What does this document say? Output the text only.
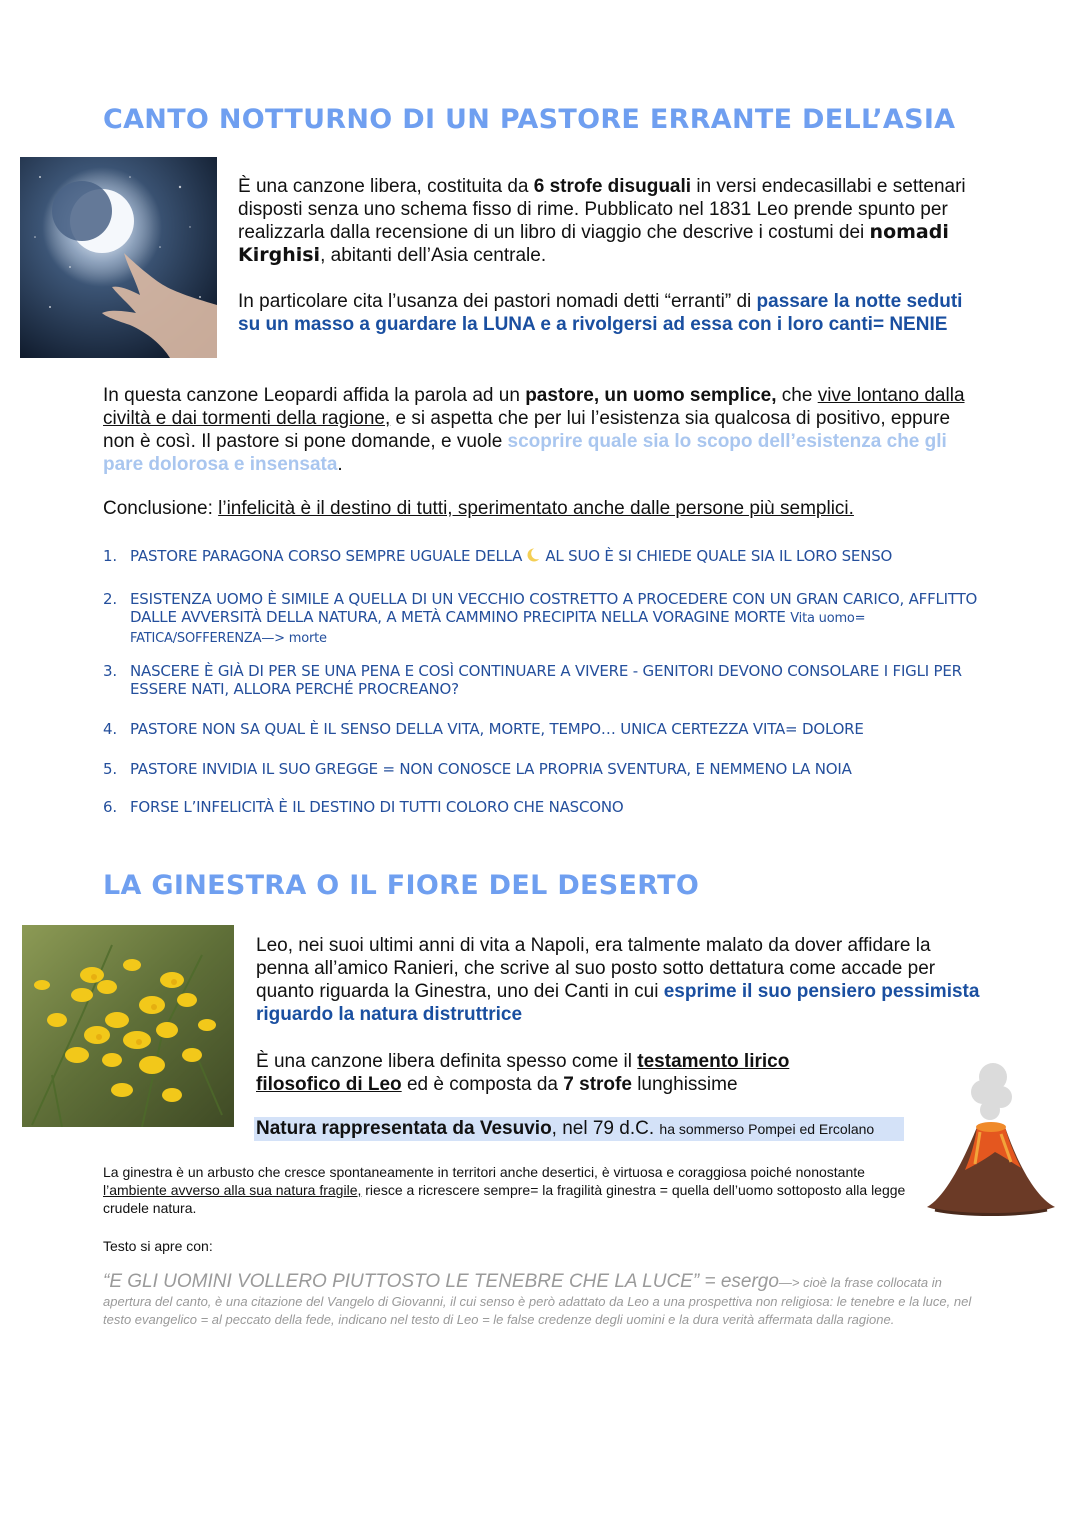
CANTO NOTTURNO DI UN PASTORE ERRANTE DELL’ASIA

È una canzone libera, costituita da 6 strofe disuguali in versi endecasillabi e settenari disposti senza uno schema fisso di rime. Pubblicato nel 1831 Leo prende spunto per realizzarla dalla recensione di un libro di viaggio che descrive i costumi dei nomadi Kirghisi, abitanti dell’Asia centrale.

In particolare cita l’usanza dei pastori nomadi detti “erranti” di passare la notte seduti su un masso a guardare la LUNA e a rivolgersi ad essa con i loro canti= NENIE

In questa canzone Leopardi affida la parola ad un pastore, un uomo semplice, che vive lontano dalla civiltà e dai tormenti della ragione, e si aspetta che per lui l’esistenza sia qualcosa di positivo, eppure non è così. Il pastore si pone domande, e vuole scoprire quale sia lo scopo dell’esistenza che gli pare dolorosa e insensata.

Conclusione: l’infelicità è il destino di tutti, sperimentato anche dalle persone più semplici.

1. PASTORE PARAGONA CORSO SEMPRE UGUALE DELLA  AL SUO È SI CHIEDE QUALE SIA IL LORO SENSO
2. ESISTENZA UOMO È SIMILE A QUELLA DI UN VECCHIO COSTRETTO A PROCEDERE CON UN GRAN CARICO, AFFLITTO DALLE AVVERSITÀ DELLA NATURA, A METÀ CAMMINO PRECIPITA NELLA VORAGINE MORTE Vita uomo= FATICA/SOFFERENZA—> morte
3. NASCERE È GIÀ DI PER SE UNA PENA E COSÌ CONTINUARE A VIVERE - GENITORI DEVONO CONSOLARE I FIGLI PER ESSERE NATI, ALLORA PERCHÉ PROCREANO?
4. PASTORE NON SA QUAL È IL SENSO DELLA VITA, MORTE, TEMPO… UNICA CERTEZZA VITA= DOLORE
5. PASTORE INVIDIA IL SUO GREGGE = NON CONOSCE LA PROPRIA SVENTURA, E NEMMENO LA NOIA
6. FORSE L’INFELICITÀ È IL DESTINO DI TUTTI COLORO CHE NASCONO
LA GINESTRA O IL FIORE DEL DESERTO

Leo, nei suoi ultimi anni di vita a Napoli, era talmente malato da dover affidare la penna all’amico Ranieri, che scrive al suo posto sotto dettatura come accade per quanto riguarda la Ginestra, uno dei Canti in cui esprime il suo pensiero pessimista riguardo la natura distruttrice

È una canzone libera definita spesso come il testamento lirico filosofico di Leo ed è composta da 7 strofe lunghissime

Natura rappresentata da Vesuvio, nel 79 d.C. ha sommerso Pompei ed Ercolano

La ginestra è un arbusto che cresce spontaneamente in territori anche desertici, è virtuosa e coraggiosa poiché nonostante l’ambiente avverso alla sua natura fragile, riesce a ricrescere sempre= la fragilità ginestra = quella dell’uomo sottoposto alla legge crudele natura.

Testo si apre con:

“E GLI UOMINI VOLLERO PIUTTOSTO LE TENEBRE CHE LA LUCE” = esergo—> cioè la frase collocata in apertura del canto, è una citazione del Vangelo di Giovanni, il cui senso è però adattato da Leo a una prospettiva non religiosa: le tenebre e la luce, nel testo evangelico = al peccato della fede, indicano nel testo di Leo = le false credenze degli uomini e la dura verità affermata dalla ragione.
